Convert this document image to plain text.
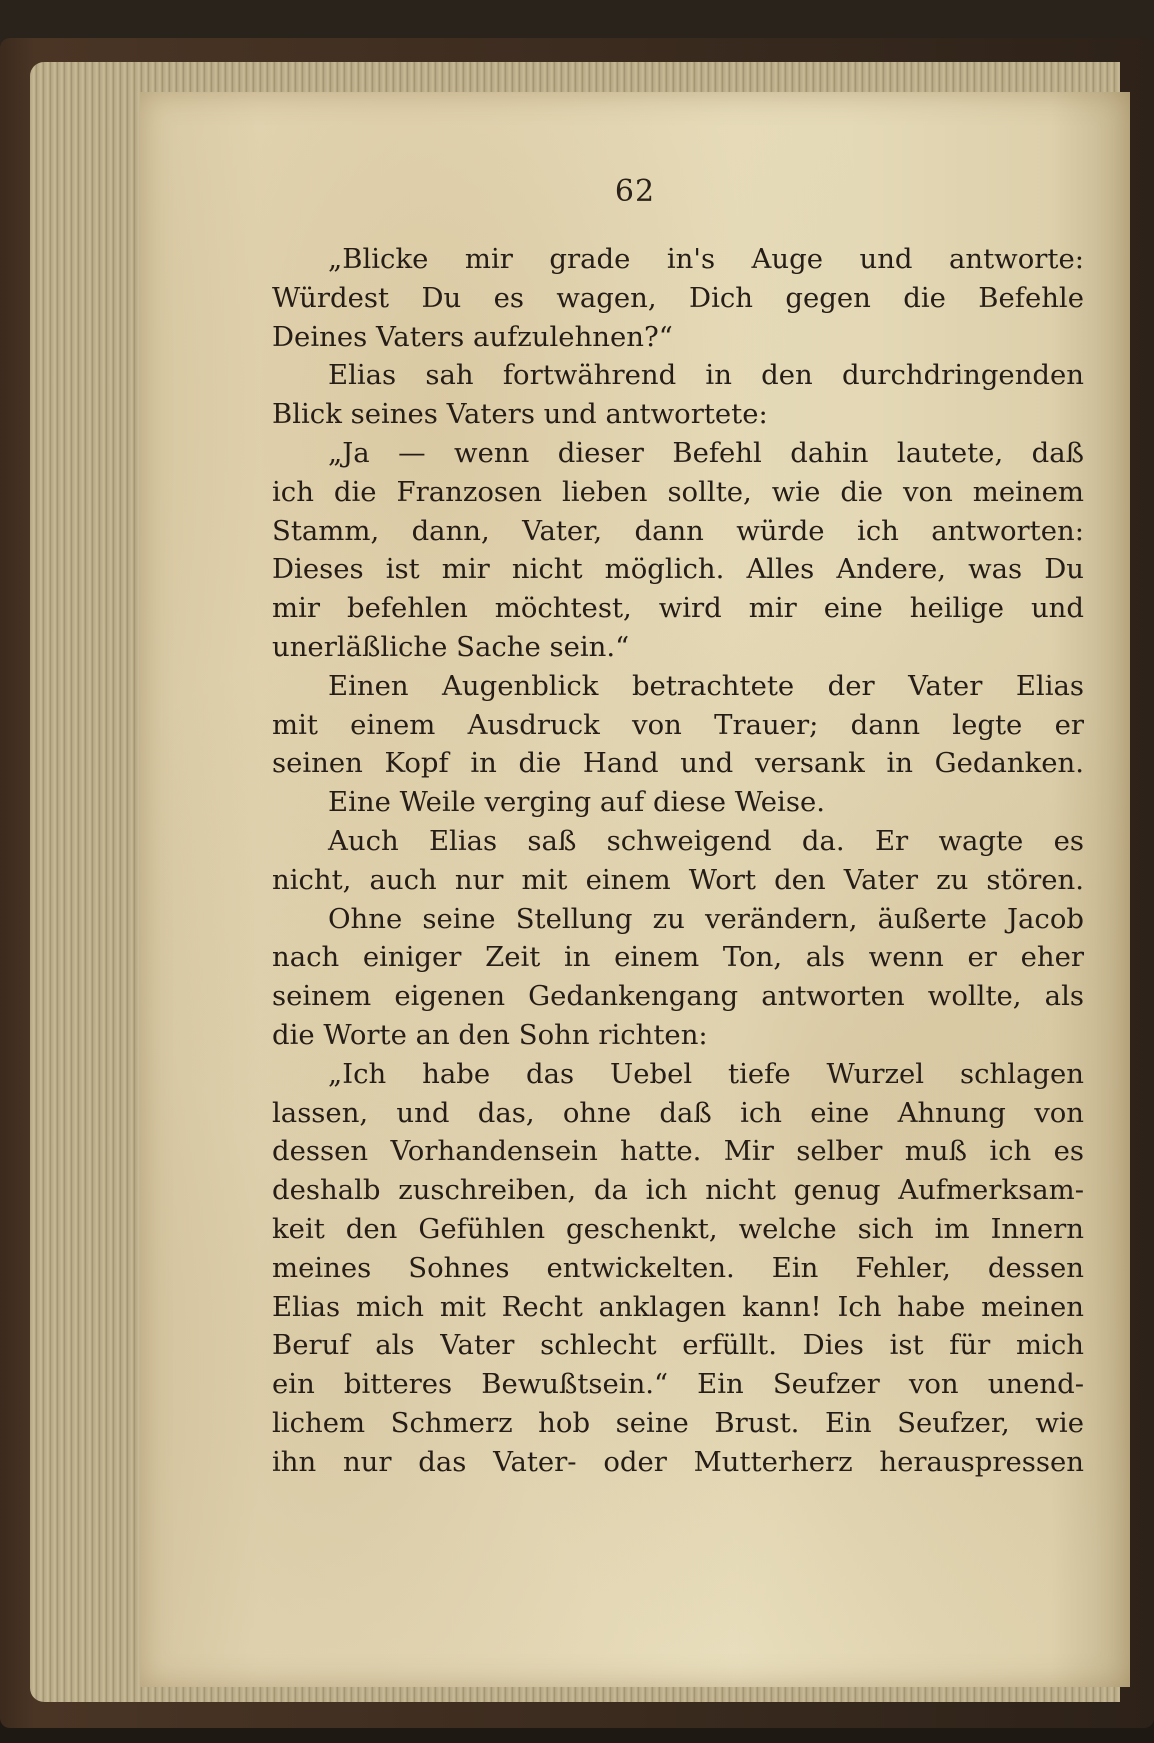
62
„Blicke mir grade in's Auge und antworte:
Würdest Du es wagen, Dich gegen die Befehle
Deines Vaters aufzulehnen?“
Elias sah fortwährend in den durchdringenden
Blick seines Vaters und antwortete:
„Ja — wenn dieser Befehl dahin lautete, daß
ich die Franzosen lieben sollte, wie die von meinem
Stamm, dann, Vater, dann würde ich antworten:
Dieses ist mir nicht möglich. Alles Andere, was Du
mir befehlen möchtest, wird mir eine heilige und
unerläßliche Sache sein.“
Einen Augenblick betrachtete der Vater Elias
mit einem Ausdruck von Trauer; dann legte er
seinen Kopf in die Hand und versank in Gedanken.
Eine Weile verging auf diese Weise.
Auch Elias saß schweigend da. Er wagte es
nicht, auch nur mit einem Wort den Vater zu stören.
Ohne seine Stellung zu verändern, äußerte Jacob
nach einiger Zeit in einem Ton, als wenn er eher
seinem eigenen Gedankengang antworten wollte, als
die Worte an den Sohn richten:
„Ich habe das Uebel tiefe Wurzel schlagen
lassen, und das, ohne daß ich eine Ahnung von
dessen Vorhandensein hatte. Mir selber muß ich es
deshalb zuschreiben, da ich nicht genug Aufmerksam-
keit den Gefühlen geschenkt, welche sich im Innern
meines Sohnes entwickelten. Ein Fehler, dessen
Elias mich mit Recht anklagen kann! Ich habe meinen
Beruf als Vater schlecht erfüllt. Dies ist für mich
ein bitteres Bewußtsein.“ Ein Seufzer von unend-
lichem Schmerz hob seine Brust. Ein Seufzer, wie
ihn nur das Vater- oder Mutterherz herauspressen
